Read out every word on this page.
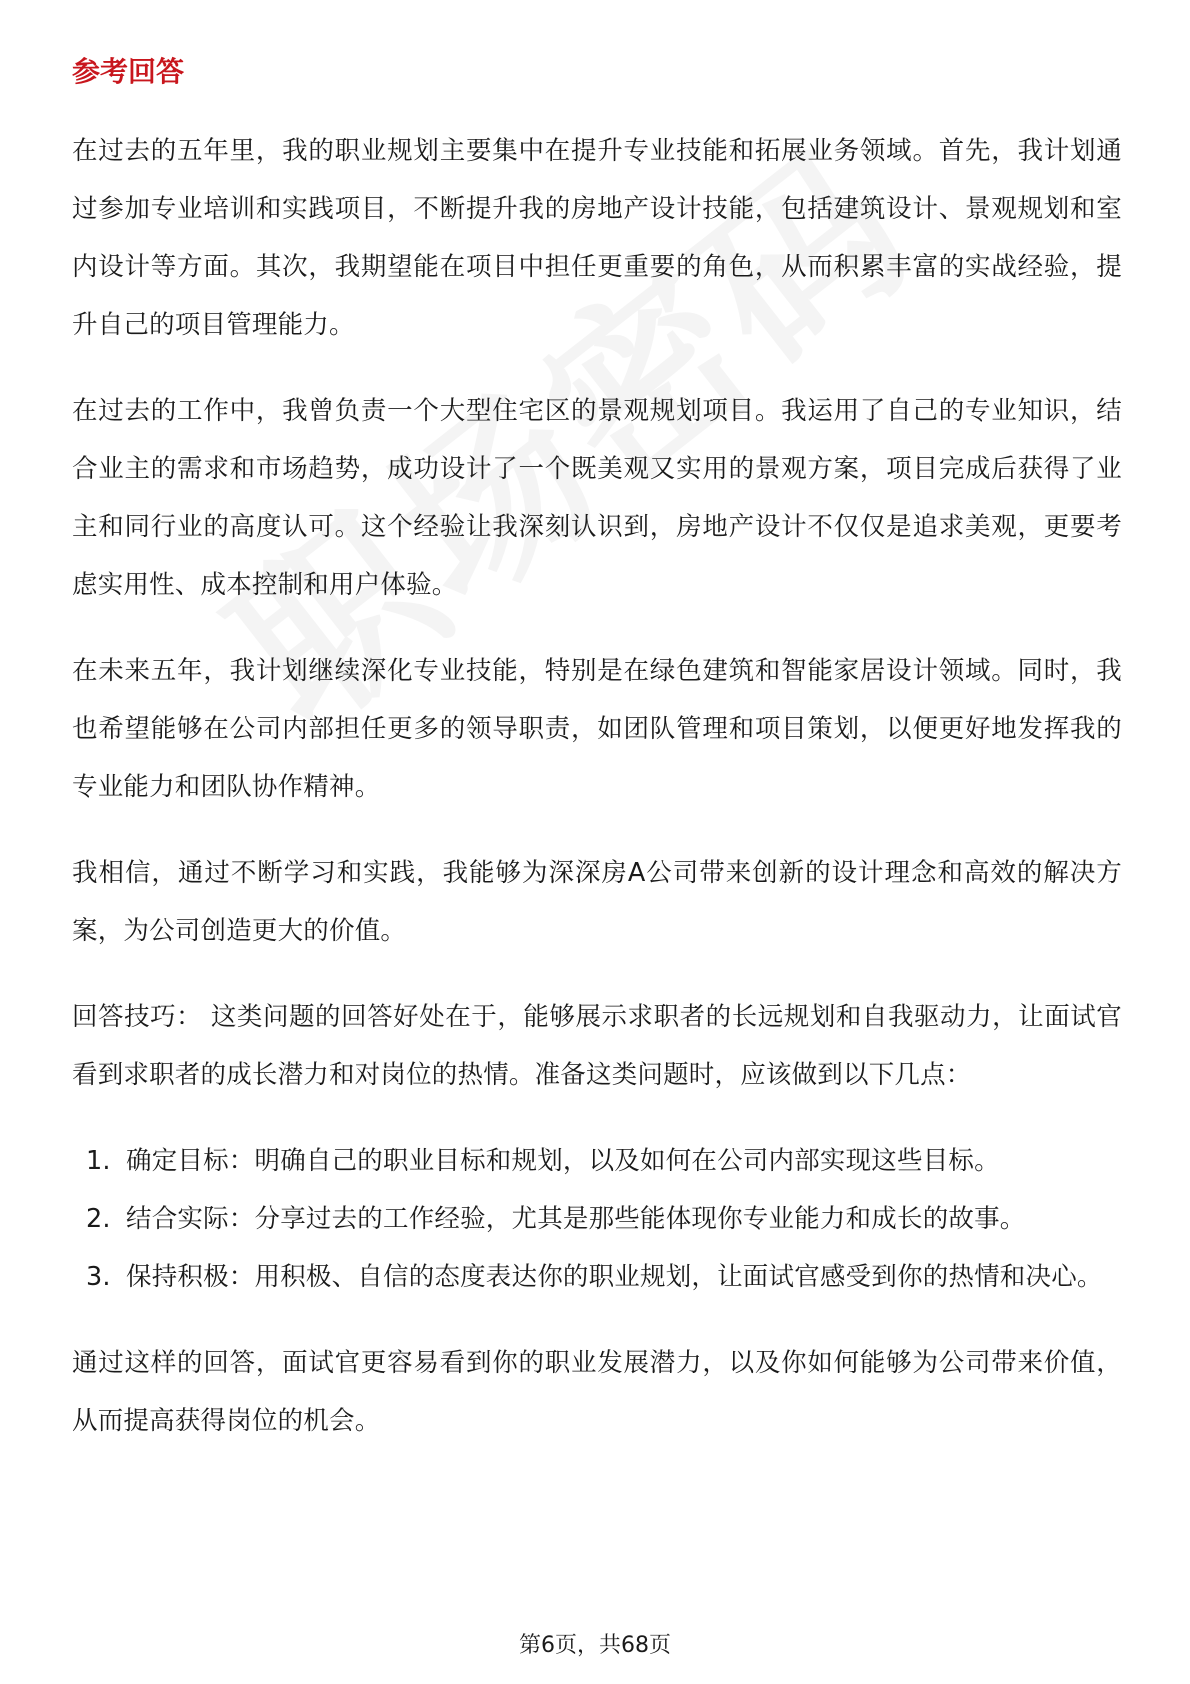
参考回答

在过去的五年里，我的职业规划主要集中在提升专业技能和拓展业务领域。首先，我计划通过参加专业培训和实践项目，不断提升我的房地产设计技能，包括建筑设计、景观规划和室内设计等方面。其次，我期望能在项目中担任更重要的角色，从而积累丰富的实战经验，提升自己的项目管理能力。

在过去的工作中，我曾负责一个大型住宅区的景观规划项目。我运用了自己的专业知识，结合业主的需求和市场趋势，成功设计了一个既美观又实用的景观方案，项目完成后获得了业主和同行业的高度认可。这个经验让我深刻认识到，房地产设计不仅仅是追求美观，更要考虑实用性、成本控制和用户体验。

在未来五年，我计划继续深化专业技能，特别是在绿色建筑和智能家居设计领域。同时，我也希望能够在公司内部担任更多的领导职责，如团队管理和项目策划，以便更好地发挥我的专业能力和团队协作精神。

我相信，通过不断学习和实践，我能够为深深房A公司带来创新的设计理念和高效的解决方案，为公司创造更大的价值。

回答技巧： 这类问题的回答好处在于，能够展示求职者的长远规划和自我驱动力，让面试官看到求职者的成长潜力和对岗位的热情。准备这类问题时，应该做到以下几点：

1. 确定目标：明确自己的职业目标和规划，以及如何在公司内部实现这些目标。
2. 结合实际：分享过去的工作经验，尤其是那些能体现你专业能力和成长的故事。
3. 保持积极：用积极、自信的态度表达你的职业规划，让面试官感受到你的热情和决心。

通过这样的回答，面试官更容易看到你的职业发展潜力，以及你如何能够为公司带来价值，从而提高获得岗位的机会。

第6页，共68页
